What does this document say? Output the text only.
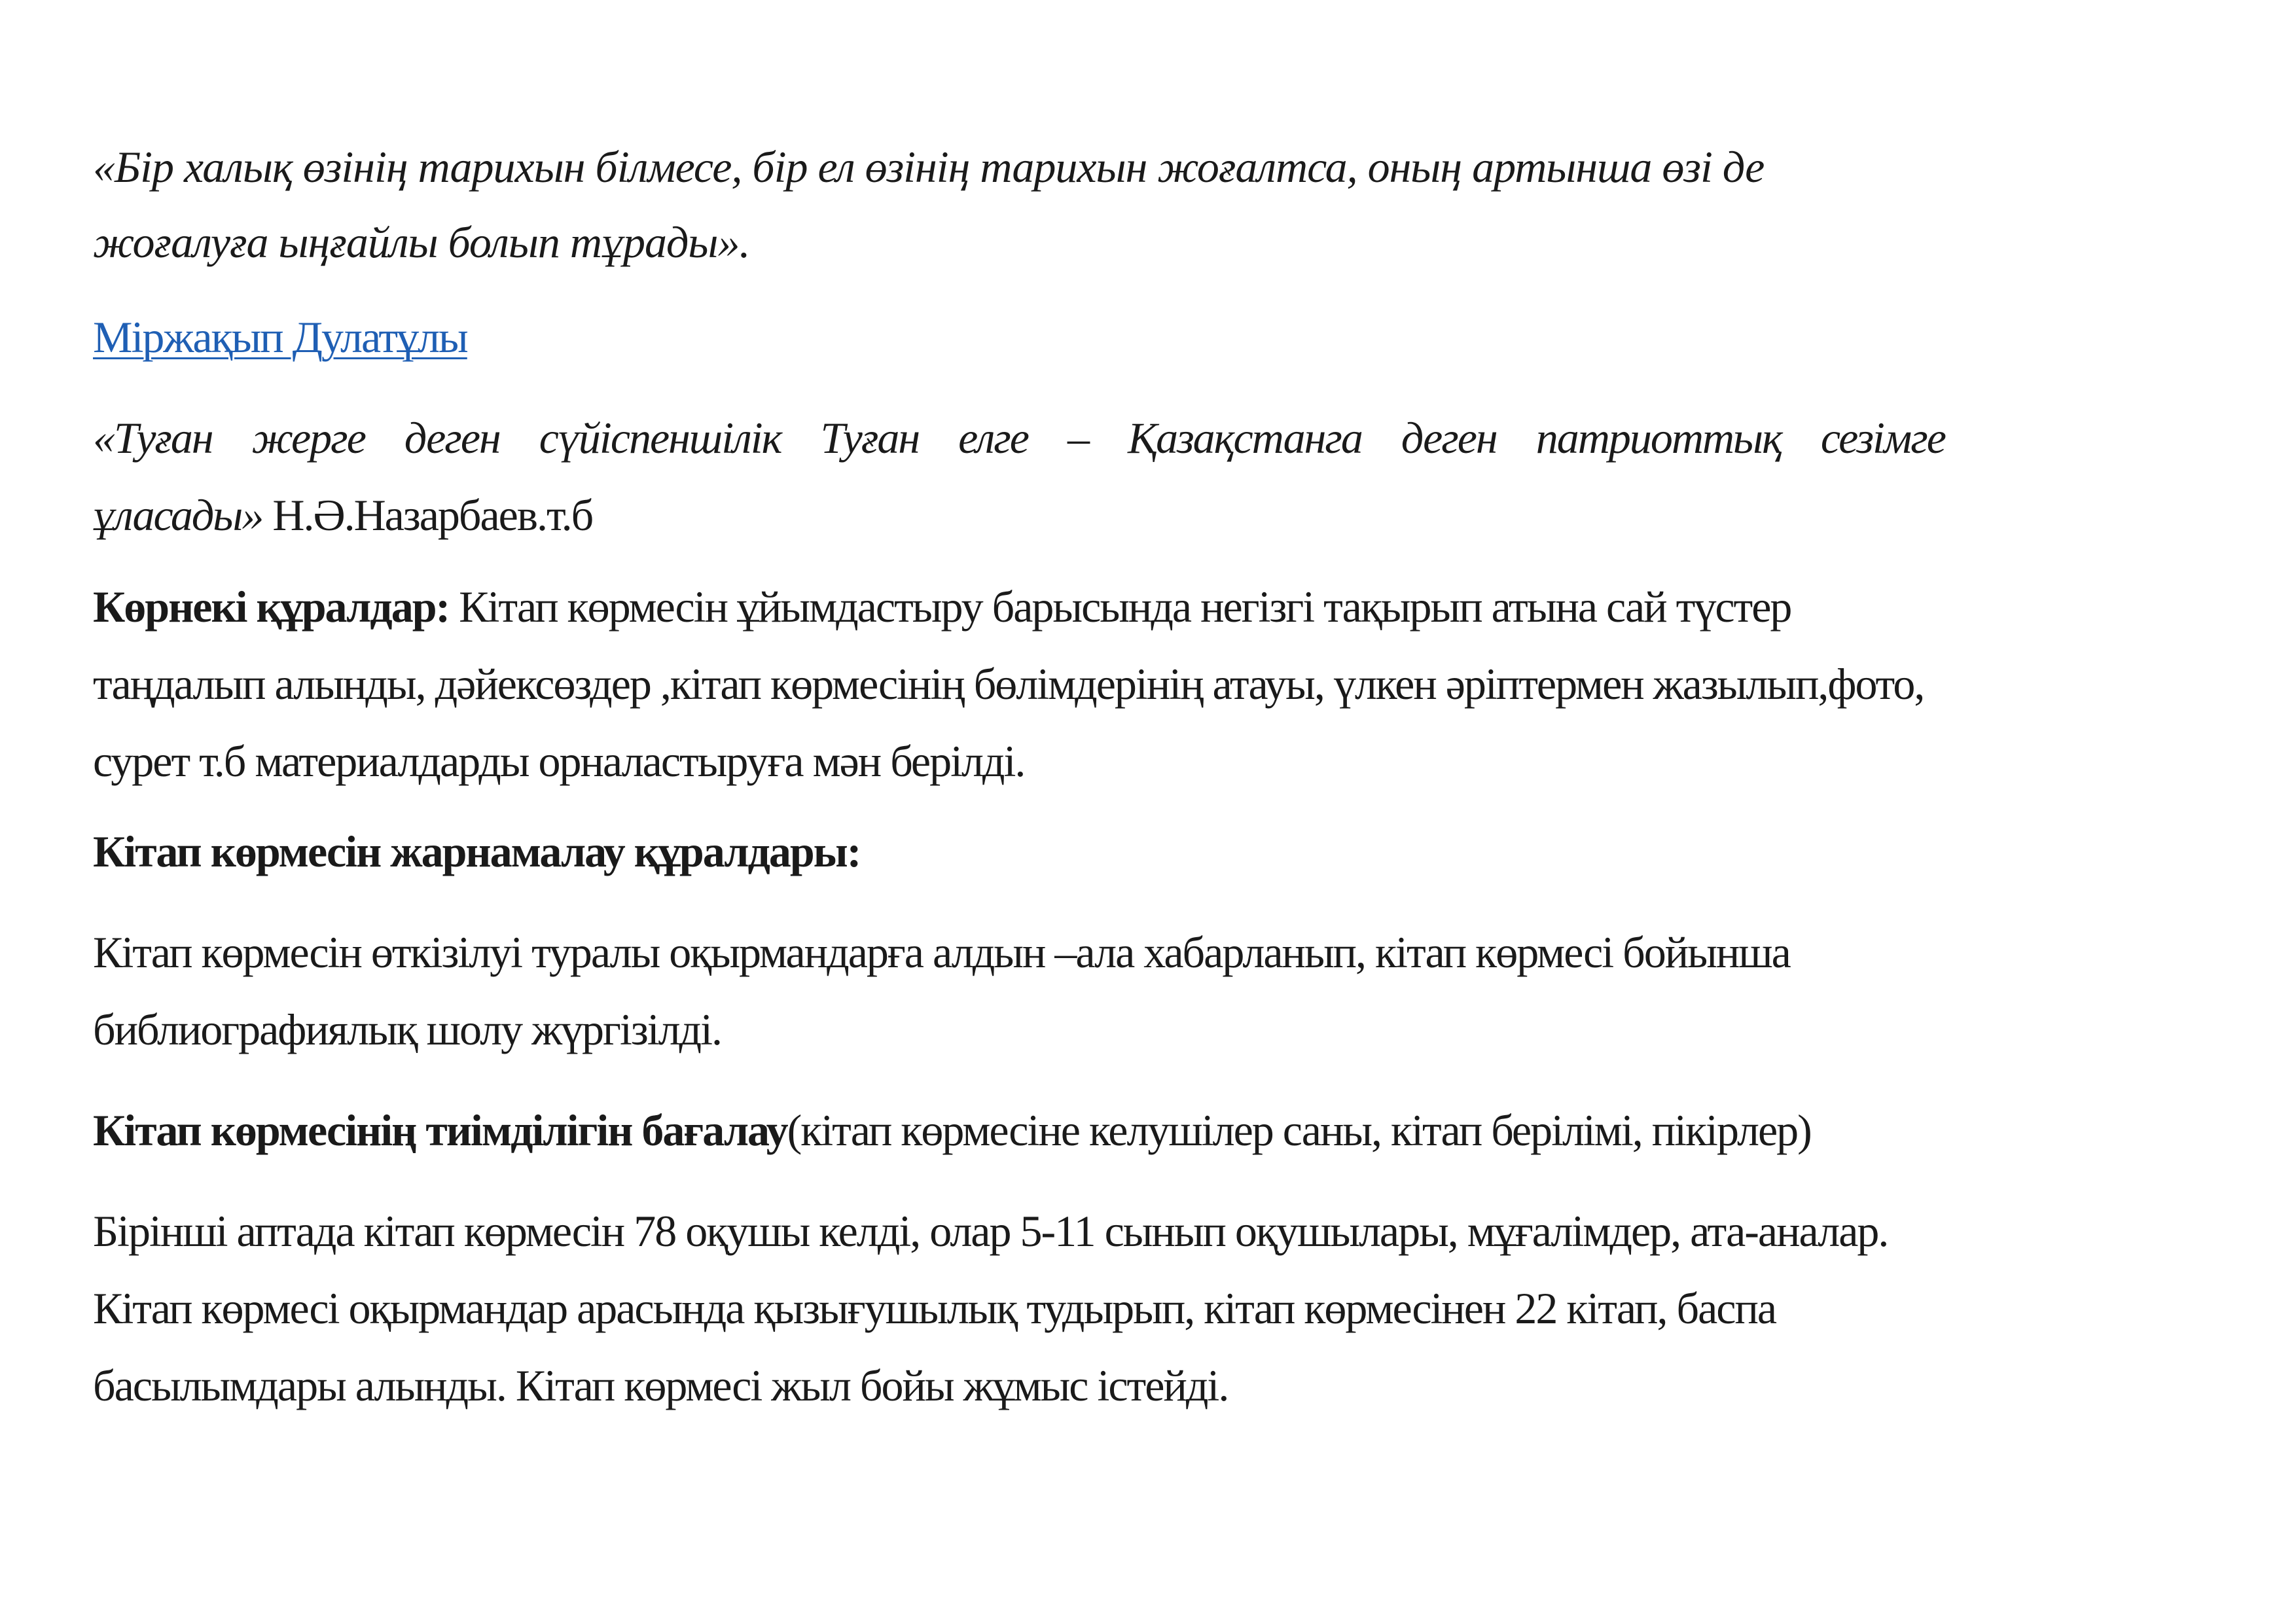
«Бір халық өзінің тарихын білмесе, бір ел өзінің тарихын жоғалтса, оның артынша өзі де жоғалуға ыңғайлы болып тұрады».

Міржақып Дулатұлы

«Туған жерге деген сүйіспеншілік Туған елге – Қазақстанга деген патриоттық сезімге ұласады» Н.Ә.Назарбаев.т.б

Көрнекі құралдар: Кітап көрмесін ұйымдастыру барысында негізгі тақырып атына сай түстер таңдалып алынды, дәйексөздер ,кітап көрмесінің бөлімдерінің атауы, үлкен әріптермен жазылып,фото, сурет т.б материалдарды орналастыруға мән берілді.

Кітап көрмесін жарнамалау құралдары:

Кітап көрмесін өткізілуі туралы оқырмандарға алдын –ала хабарланып, кітап көрмесі бойынша библиографиялық шолу жүргізілді.

Кітап көрмесінің тиімділігін бағалау(кітап көрмесіне келушілер саны, кітап берілімі, пікірлер)

Бірінші аптада кітап көрмесін 78 оқушы келді, олар 5-11 сынып оқушылары, мұғалімдер, ата-аналар. Кітап көрмесі оқырмандар арасында қызығушылық тудырып, кітап көрмесінен 22 кітап, баспа басылымдары алынды. Кітап көрмесі жыл бойы жұмыс істейді.
